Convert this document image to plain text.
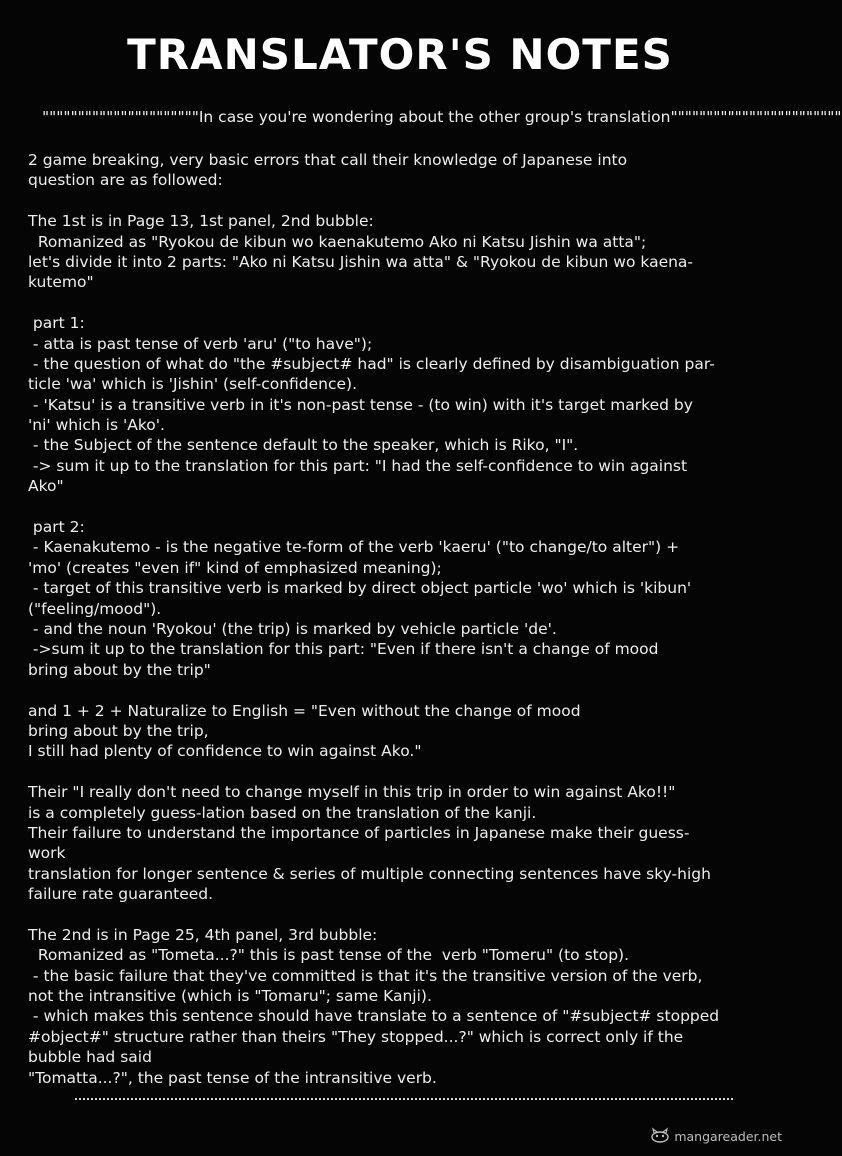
TRANSLATOR'S NOTES
""""""""""""""""""""""In case you're wondering about the other group's translation""""""""""""""""""""""""
2 game breaking, very basic errors that call their knowledge of Japanese into
question are as followed:
The 1st is in Page 13, 1st panel, 2nd bubble:
Romanized as "Ryokou de kibun wo kaenakutemo Ako ni Katsu Jishin wa atta";
let's divide it into 2 parts: "Ako ni Katsu Jishin wa atta" & "Ryokou de kibun wo kaena-
kutemo"
part 1:
- atta is past tense of verb 'aru' ("to have");
- the question of what do "the #subject# had" is clearly defined by disambiguation par-
ticle 'wa' which is 'Jishin' (self-confidence).
- 'Katsu' is a transitive verb in it's non-past tense - (to win) with it's target marked by
'ni' which is 'Ako'.
- the Subject of the sentence default to the speaker, which is Riko, "I".
-> sum it up to the translation for this part: "I had the self-confidence to win against
Ako"
part 2:
- Kaenakutemo - is the negative te-form of the verb 'kaeru' ("to change/to alter") +
'mo' (creates "even if" kind of emphasized meaning);
- target of this transitive verb is marked by direct object particle 'wo' which is 'kibun'
("feeling/mood").
- and the noun 'Ryokou' (the trip) is marked by vehicle particle 'de'.
->sum it up to the translation for this part: "Even if there isn't a change of mood
bring about by the trip"
and 1 + 2 + Naturalize to English = "Even without the change of mood
bring about by the trip,
I still had plenty of confidence to win against Ako."
Their "I really don't need to change myself in this trip in order to win against Ako!!"
is a completely guess-lation based on the translation of the kanji.
Their failure to understand the importance of particles in Japanese make their guess-
work
translation for longer sentence & series of multiple connecting sentences have sky-high
failure rate guaranteed.
The 2nd is in Page 25, 4th panel, 3rd bubble:
Romanized as "Tometa...?" this is past tense of the  verb "Tomeru" (to stop).
- the basic failure that they've committed is that it's the transitive version of the verb,
not the intransitive (which is "Tomaru"; same Kanji).
- which makes this sentence should have translate to a sentence of "#subject# stopped
#object#" structure rather than theirs "They stopped...?" which is correct only if the
bubble had said
"Tomatta...?", the past tense of the intransitive verb.
mangareader.net
